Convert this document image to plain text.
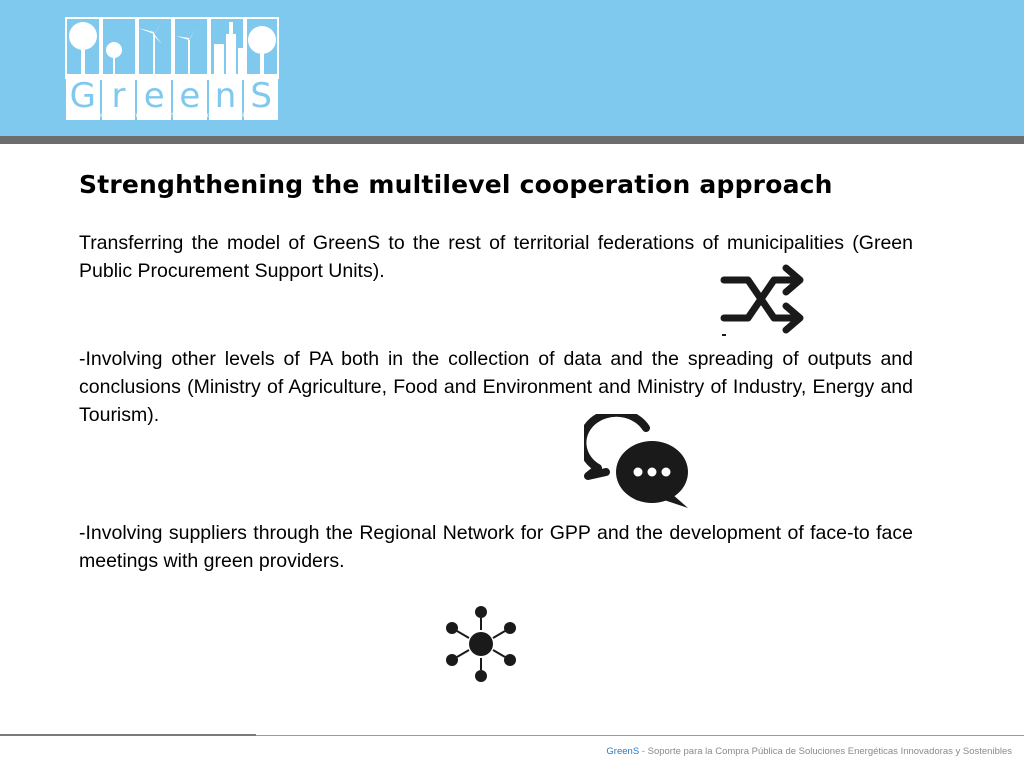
G r e e n S
asistencia técnica • formación en CPS • recomendaciones políticas
Strenghthening the multilevel cooperation approach

Transferring the model of GreenS to the rest of territorial federations of municipalities (Green Public Procurement Support Units).

-Involving other levels of PA both in the collection of data and the spreading of outputs and conclusions (Ministry of Agriculture, Food and Environment and Ministry of Industry, Energy and Tourism).

-Involving suppliers through the Regional Network for GPP and the development of face-to face meetings with green providers.

GreenS - Soporte para la Compra Pública de Soluciones Energéticas Innovadoras y Sostenibles
